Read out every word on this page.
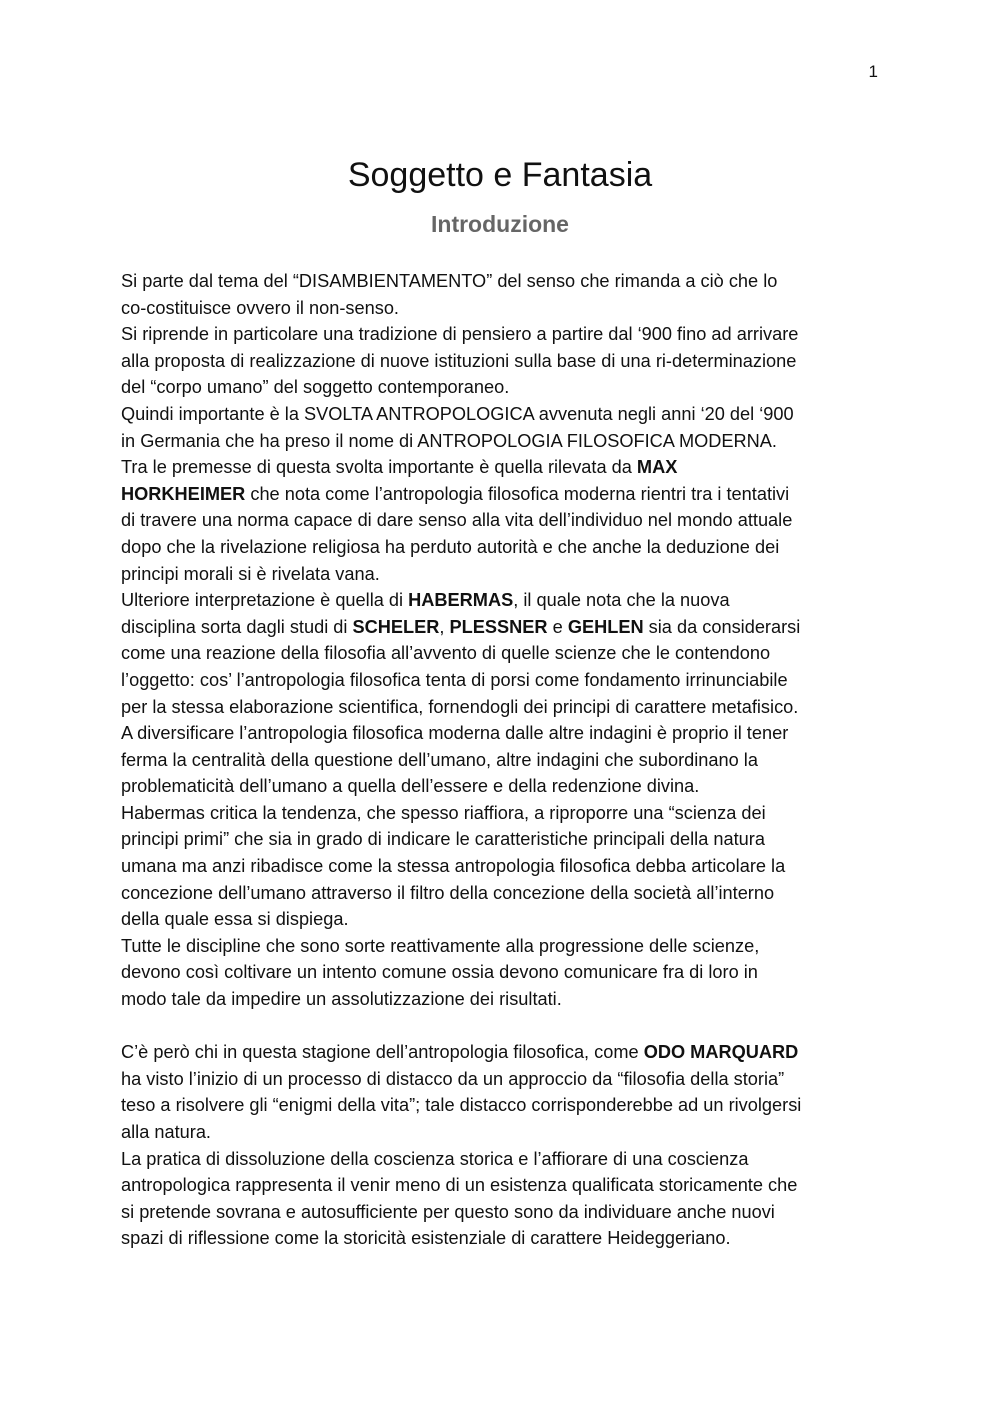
1
Soggetto e Fantasia
Introduzione

Si parte dal tema del “DISAMBIENTAMENTO” del senso che rimanda a ciò che lo

co-costituisce ovvero il non-senso.

Si riprende in particolare una tradizione di pensiero a partire dal ‘900 fino ad arrivare

alla proposta di realizzazione di nuove istituzioni sulla base di una ri-determinazione

del “corpo umano” del soggetto contemporaneo.

Quindi importante è la SVOLTA ANTROPOLOGICA avvenuta negli anni ‘20 del ‘900

in Germania che ha preso il nome di ANTROPOLOGIA FILOSOFICA MODERNA.

Tra le premesse di questa svolta importante è quella rilevata da MAX

HORKHEIMER che nota come l’antropologia filosofica moderna rientri tra i tentativi

di travere una norma capace di dare senso alla vita dell’individuo nel mondo attuale

dopo che la rivelazione religiosa ha perduto autorità e che anche la deduzione dei

principi morali si è rivelata vana.

Ulteriore interpretazione è quella di HABERMAS, il quale nota che la nuova

disciplina sorta dagli studi di SCHELER, PLESSNER e GEHLEN sia da considerarsi

come una reazione della filosofia all’avvento di quelle scienze che le contendono

l’oggetto: cos’ l’antropologia filosofica tenta di porsi come fondamento irrinunciabile

per la stessa elaborazione scientifica, fornendogli dei principi di carattere metafisico.

A diversificare l’antropologia filosofica moderna dalle altre indagini è proprio il tener

ferma la centralità della questione dell’umano, altre indagini che subordinano la

problematicità dell’umano a quella dell’essere e della redenzione divina.

Habermas critica la tendenza, che spesso riaffiora, a riproporre una “scienza dei

principi primi” che sia in grado di indicare le caratteristiche principali della natura

umana ma anzi ribadisce come la stessa antropologia filosofica debba articolare la

concezione dell’umano attraverso il filtro della concezione della società all’interno

della quale essa si dispiega.

Tutte le discipline che sono sorte reattivamente alla progressione delle scienze,

devono così coltivare un intento comune ossia devono comunicare fra di loro in

modo tale da impedire un assolutizzazione dei risultati.

C’è però chi in questa stagione dell’antropologia filosofica, come ODO MARQUARD

ha visto l’inizio di un processo di distacco da un approccio da “filosofia della storia”

teso a risolvere gli “enigmi della vita”; tale distacco corrisponderebbe ad un rivolgersi

alla natura.

La pratica di dissoluzione della coscienza storica e l’affiorare di una coscienza

antropologica rappresenta il venir meno di un esistenza qualificata storicamente che

si pretende sovrana e autosufficiente per questo sono da individuare anche nuovi

spazi di riflessione come la storicità esistenziale di carattere Heideggeriano.
